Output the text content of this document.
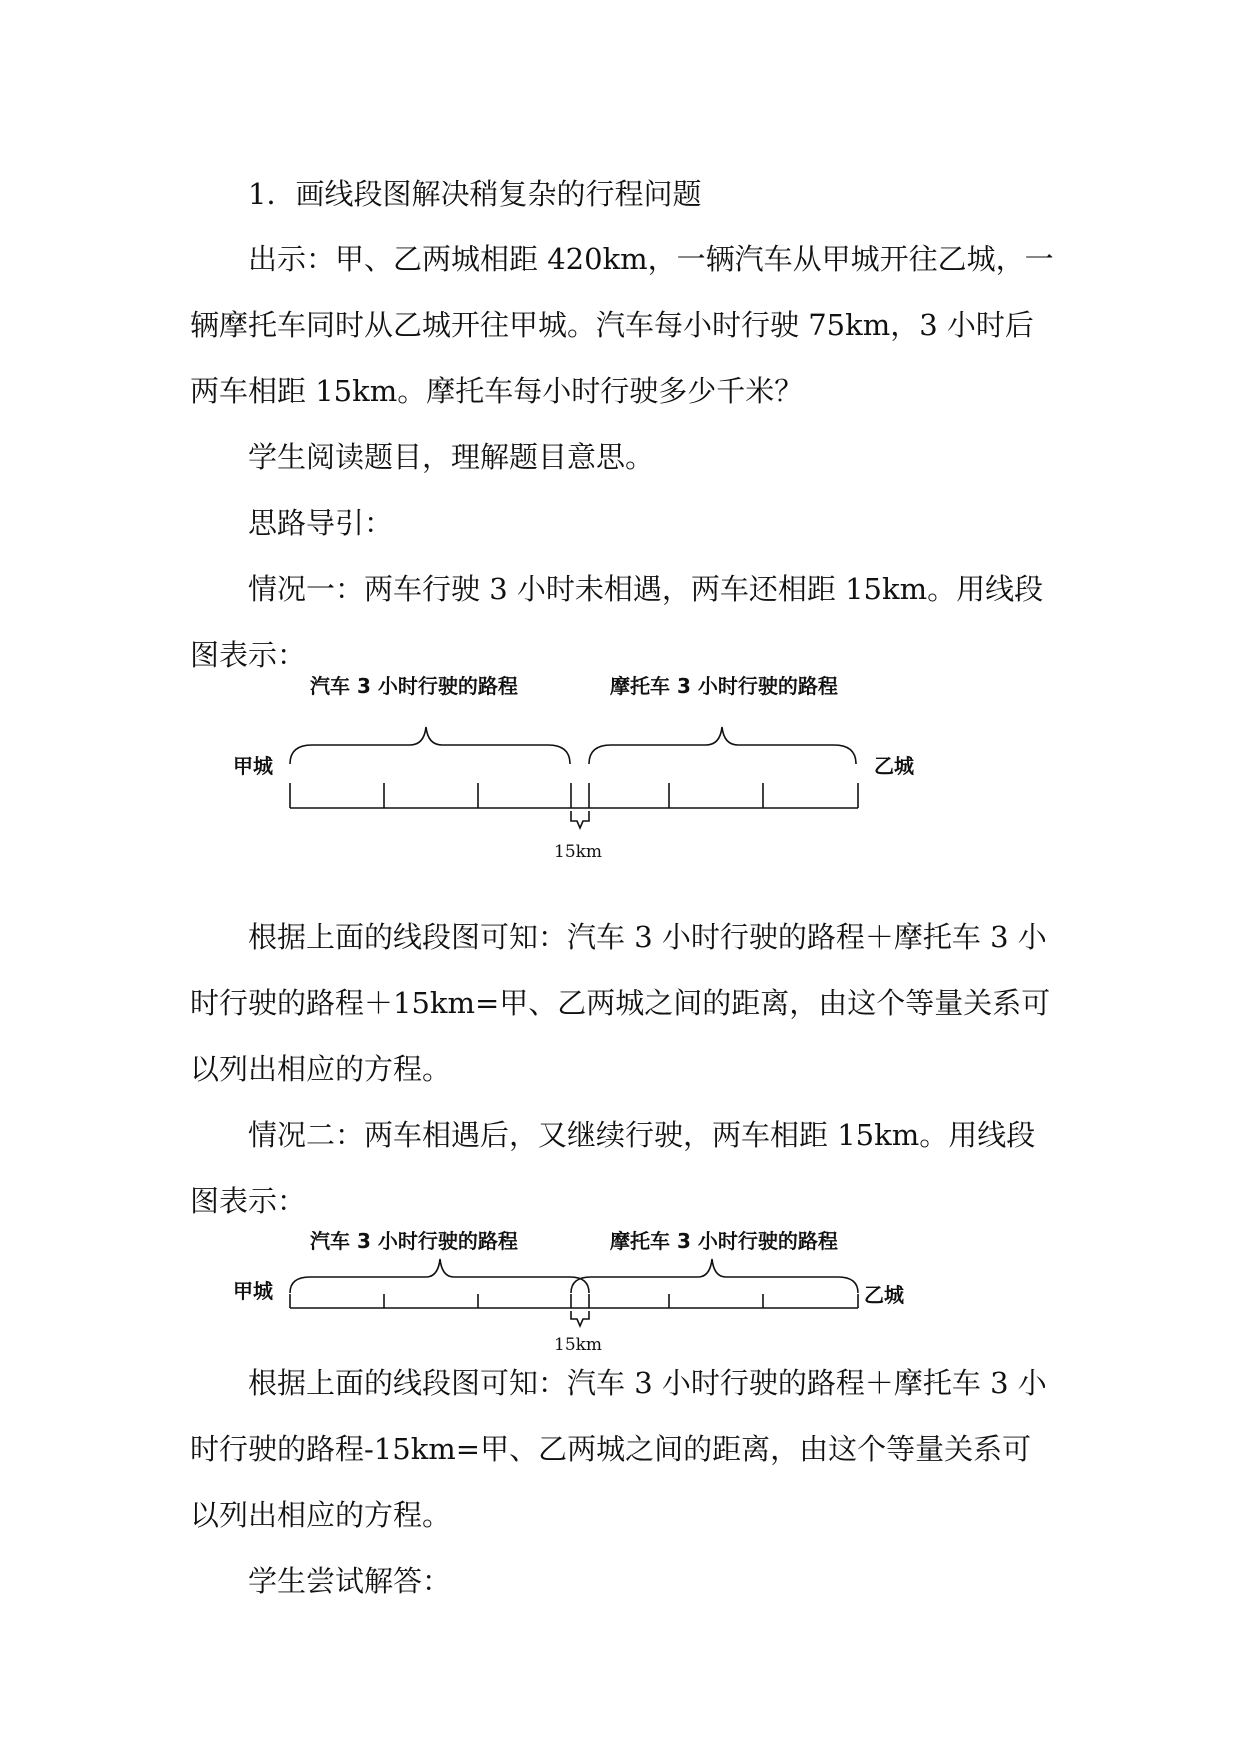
1．画线段图解决稍复杂的行程问题

出示：甲、乙两城相距 420km，一辆汽车从甲城开往乙城，一辆摩托车同时从乙城开往甲城。汽车每小时行驶 75km，3 小时后两车相距 15km。摩托车每小时行驶多少千米？

学生阅读题目，理解题目意思。

思路导引：

情况一：两车行驶 3 小时未相遇，两车还相距 15km。用线段图表示：

汽车 3 小时行驶的路程	摩托车 3 小时行驶的路程
甲城	乙城
15km

根据上面的线段图可知：汽车 3 小时行驶的路程＋摩托车 3 小时行驶的路程＋15km=甲、乙两城之间的距离，由这个等量关系可以列出相应的方程。

情况二：两车相遇后，又继续行驶，两车相距 15km。用线段图表示：

汽车 3 小时行驶的路程	摩托车 3 小时行驶的路程
甲城	乙城
15km

根据上面的线段图可知：汽车 3 小时行驶的路程＋摩托车 3 小时行驶的路程-15km=甲、乙两城之间的距离，由这个等量关系可以列出相应的方程。

学生尝试解答：
